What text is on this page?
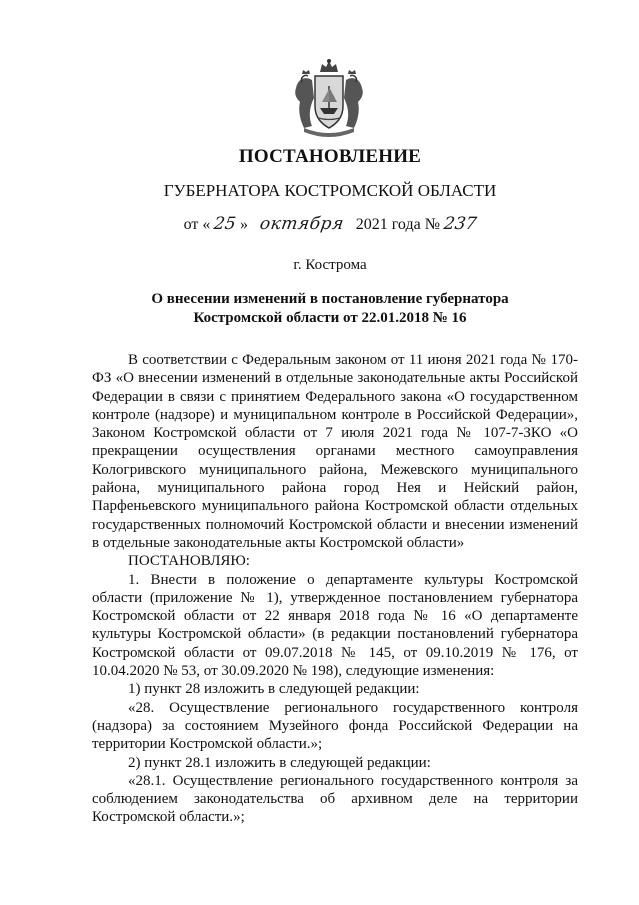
ПОСТАНОВЛЕНИЕ
ГУБЕРНАТОРА КОСТРОМСКОЙ ОБЛАСТИ
от « 25 » октября 2021 года № 237
г. Кострома
О внесении изменений в постановление губернатора
Костромской области от 22.01.2018 № 16

В соответствии с Федеральным законом от 11 июня 2021 года № 170-ФЗ «О внесении изменений в отдельные законодательные акты Российской Федерации в связи с принятием Федерального закона «О государственном контроле (надзоре) и муниципальном контроле в Российской Федерации», Законом Костромской области от 7 июля 2021 года № 107-7-ЗКО «О прекращении осуществления органами местного самоуправления Кологривского муниципального района, Межевского муниципального района, муниципального района город Нея и Нейский район, Парфеньевского муниципального района Костромской области отдельных государственных полномочий Костромской области и внесении изменений в отдельные законодательные акты Костромской области»

ПОСТАНОВЛЯЮ:

1. Внести в положение о департаменте культуры Костромской области (приложение № 1), утвержденное постановлением губернатора Костромской области от 22 января 2018 года № 16 «О департаменте культуры Костромской области» (в редакции постановлений губернатора Костромской области от 09.07.2018 № 145, от 09.10.2019 № 176, от 10.04.2020 № 53, от 30.09.2020 № 198), следующие изменения:

1) пункт 28 изложить в следующей редакции:

«28. Осуществление регионального государственного контроля (надзора) за состоянием Музейного фонда Российской Федерации на территории Костромской области.»;

2) пункт 28.1 изложить в следующей редакции:

«28.1. Осуществление регионального государственного контроля за соблюдением законодательства об архивном деле на территории Костромской области.»;
